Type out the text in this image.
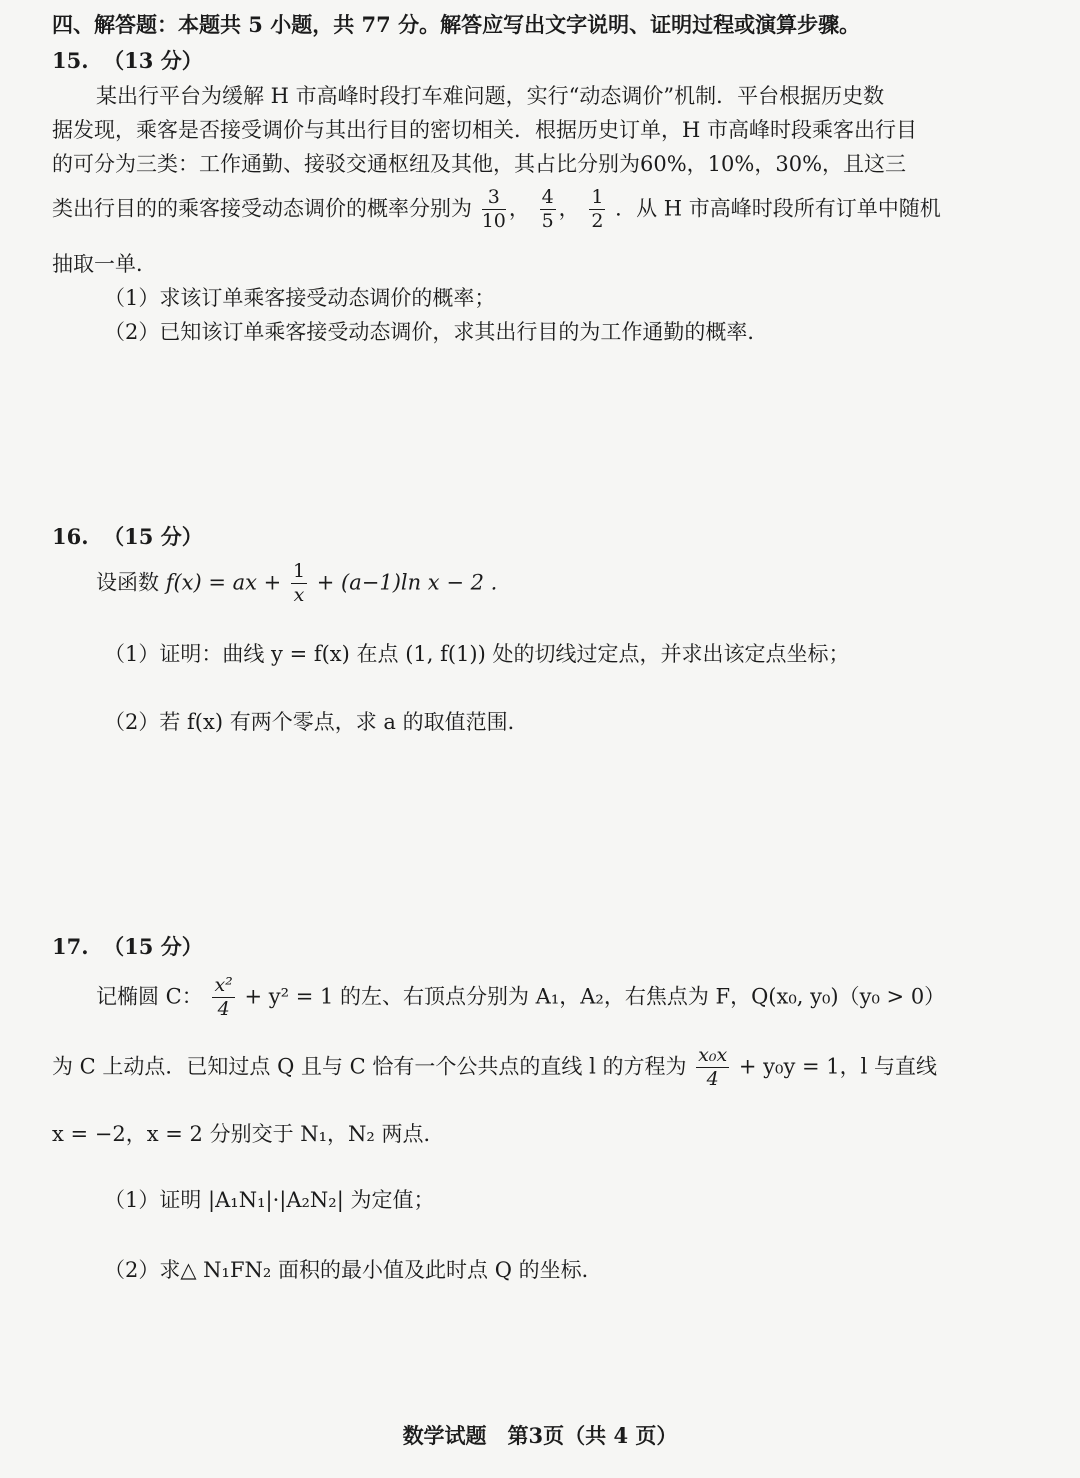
四、解答题：本题共 5 小题，共 77 分。解答应写出文字说明、证明过程或演算步骤。
15. （13 分）
某出行平台为缓解 H 市高峰时段打车难问题，实行“动态调价”机制．平台根据历史数
据发现，乘客是否接受调价与其出行目的密切相关．根据历史订单，H 市高峰时段乘客出行目
的可分为三类：工作通勤、接驳交通枢纽及其他，其占比分别为60%，10%，30%，且这三
类出行目的的乘客接受动态调价的概率分别为 $\frac{3}{10}$ ， $\frac{4}{5}$ ， $\frac{1}{2}$ ．从 H 市高峰时段所有订单中随机
抽取一单．
（1）求该订单乘客接受动态调价的概率；
（2）已知该订单乘客接受动态调价，求其出行目的为工作通勤的概率．
16. （15 分）
设函数 f(x) = ax + $\frac{1}{x} + (a-1)\ln$ x − 2 .
（1）证明：曲线 y = f(x) 在点 (1, f(1)) 处的切线过定点，并求出该定点坐标；
（2）若 f(x) 有两个零点，求 a 的取值范围．
17. （15 分）
记椭圆 C： $\frac{\text{x²}}{4} + y^2 = 1$ 的左、右顶点分别为 A₁，A₂，右焦点为 F，Q(x₀, y₀)（y₀ > 0）
为 C 上动点．已知过点 Q 且与 C 恰有一个公共点的直线 l 的方程为 $\frac{\text{x₀x}}{4} + y_0y = 1$，l 与直线
x = −2，x = 2 分别交于 N₁，N₂ 两点．
（1）证明 |A₁N₁|·|A₂N₂| 为定值；
（2）求△ N₁FN₂ 面积的最小值及此时点 Q 的坐标．
数学试题　第3页（共 4 页）
